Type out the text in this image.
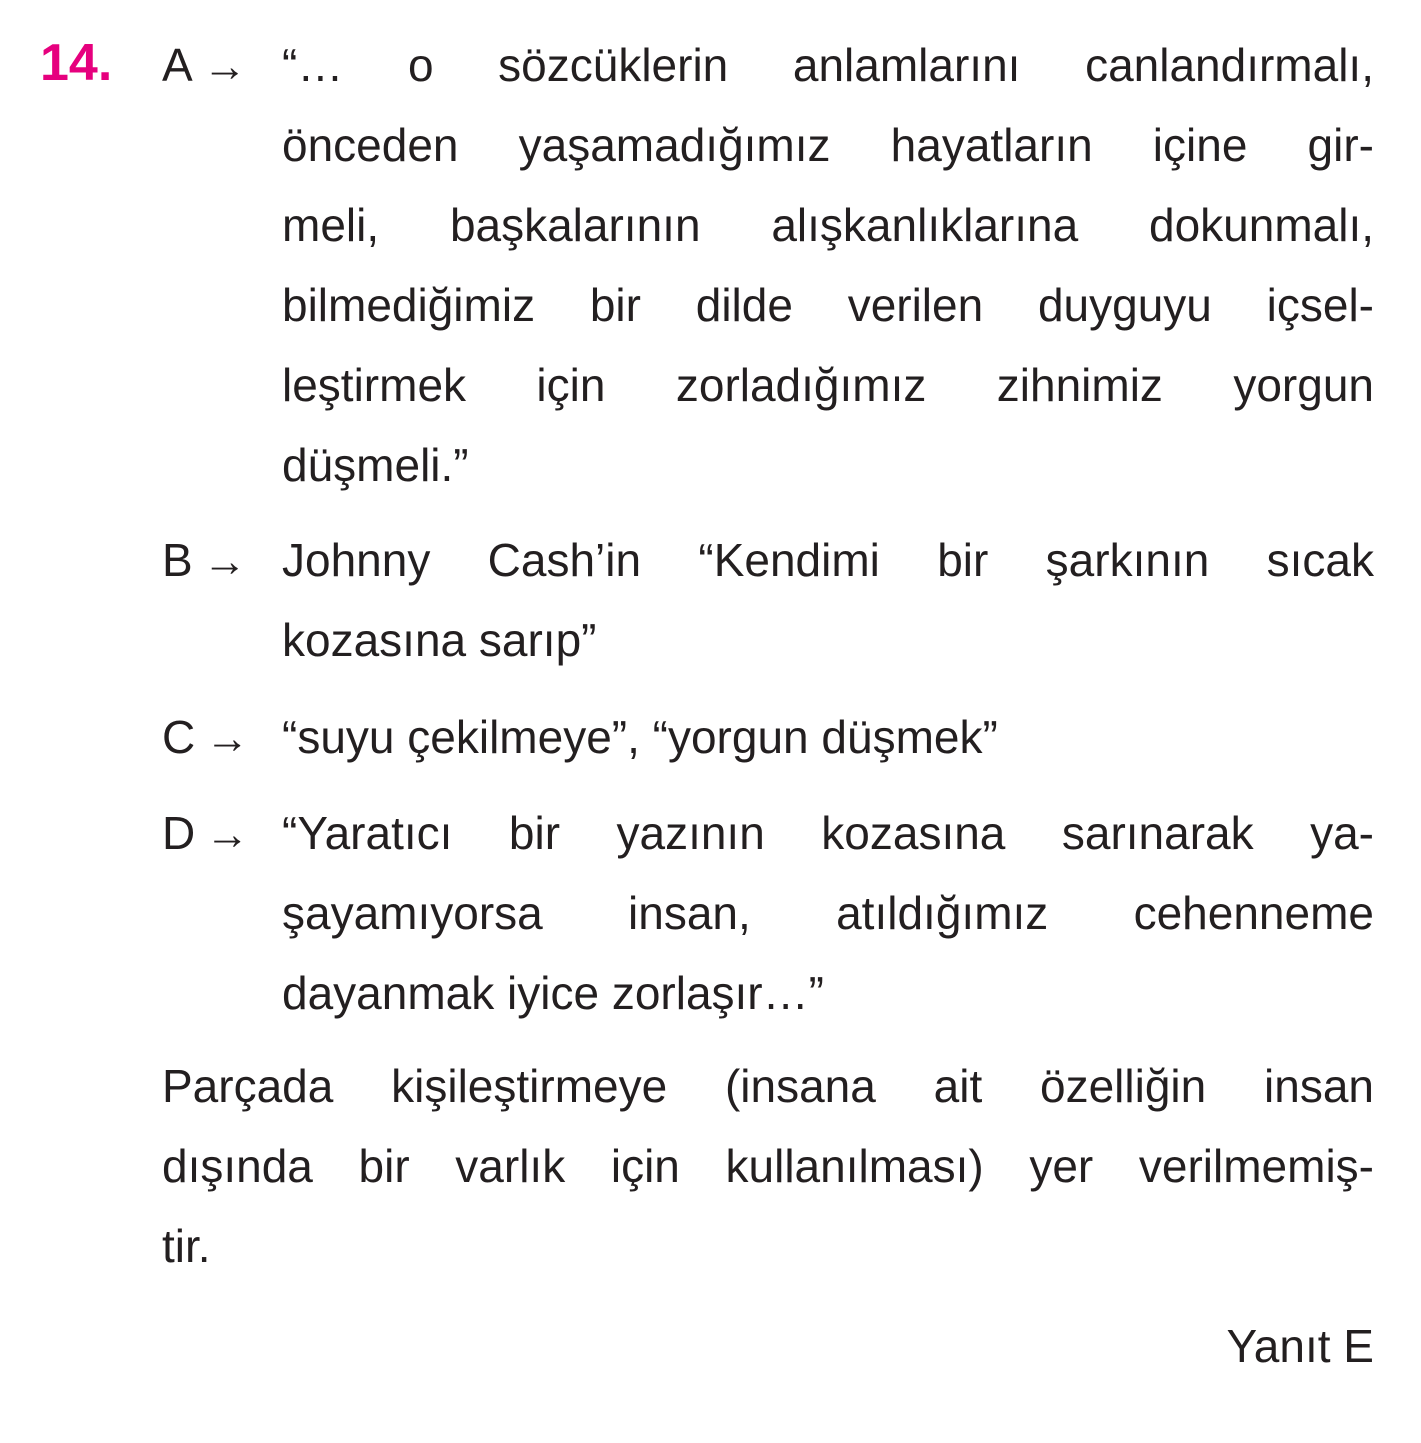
14. A → “… o sözcüklerin anlamlarını canlandırmalı,
önceden yaşamadığımız hayatların içine gir-
meli, başkalarının alışkanlıklarına dokunmalı,
bilmediğimiz bir dilde verilen duyguyu içsel-
leştirmek için zorladığımız zihnimiz yorgun
düşmeli.”
B → Johnny Cash’in “Kendimi bir şarkının sıcak
kozasına sarıp”
C → “suyu çekilmeye”, “yorgun düşmek”
D → “Yaratıcı bir yazının kozasına sarınarak ya-
şayamıyorsa insan, atıldığımız cehenneme
dayanmak iyice zorlaşır…”
Parçada kişileştirmeye (insana ait özelliğin insan
dışında bir varlık için kullanılması) yer verilmemiş-
tir.
Yanıt E
